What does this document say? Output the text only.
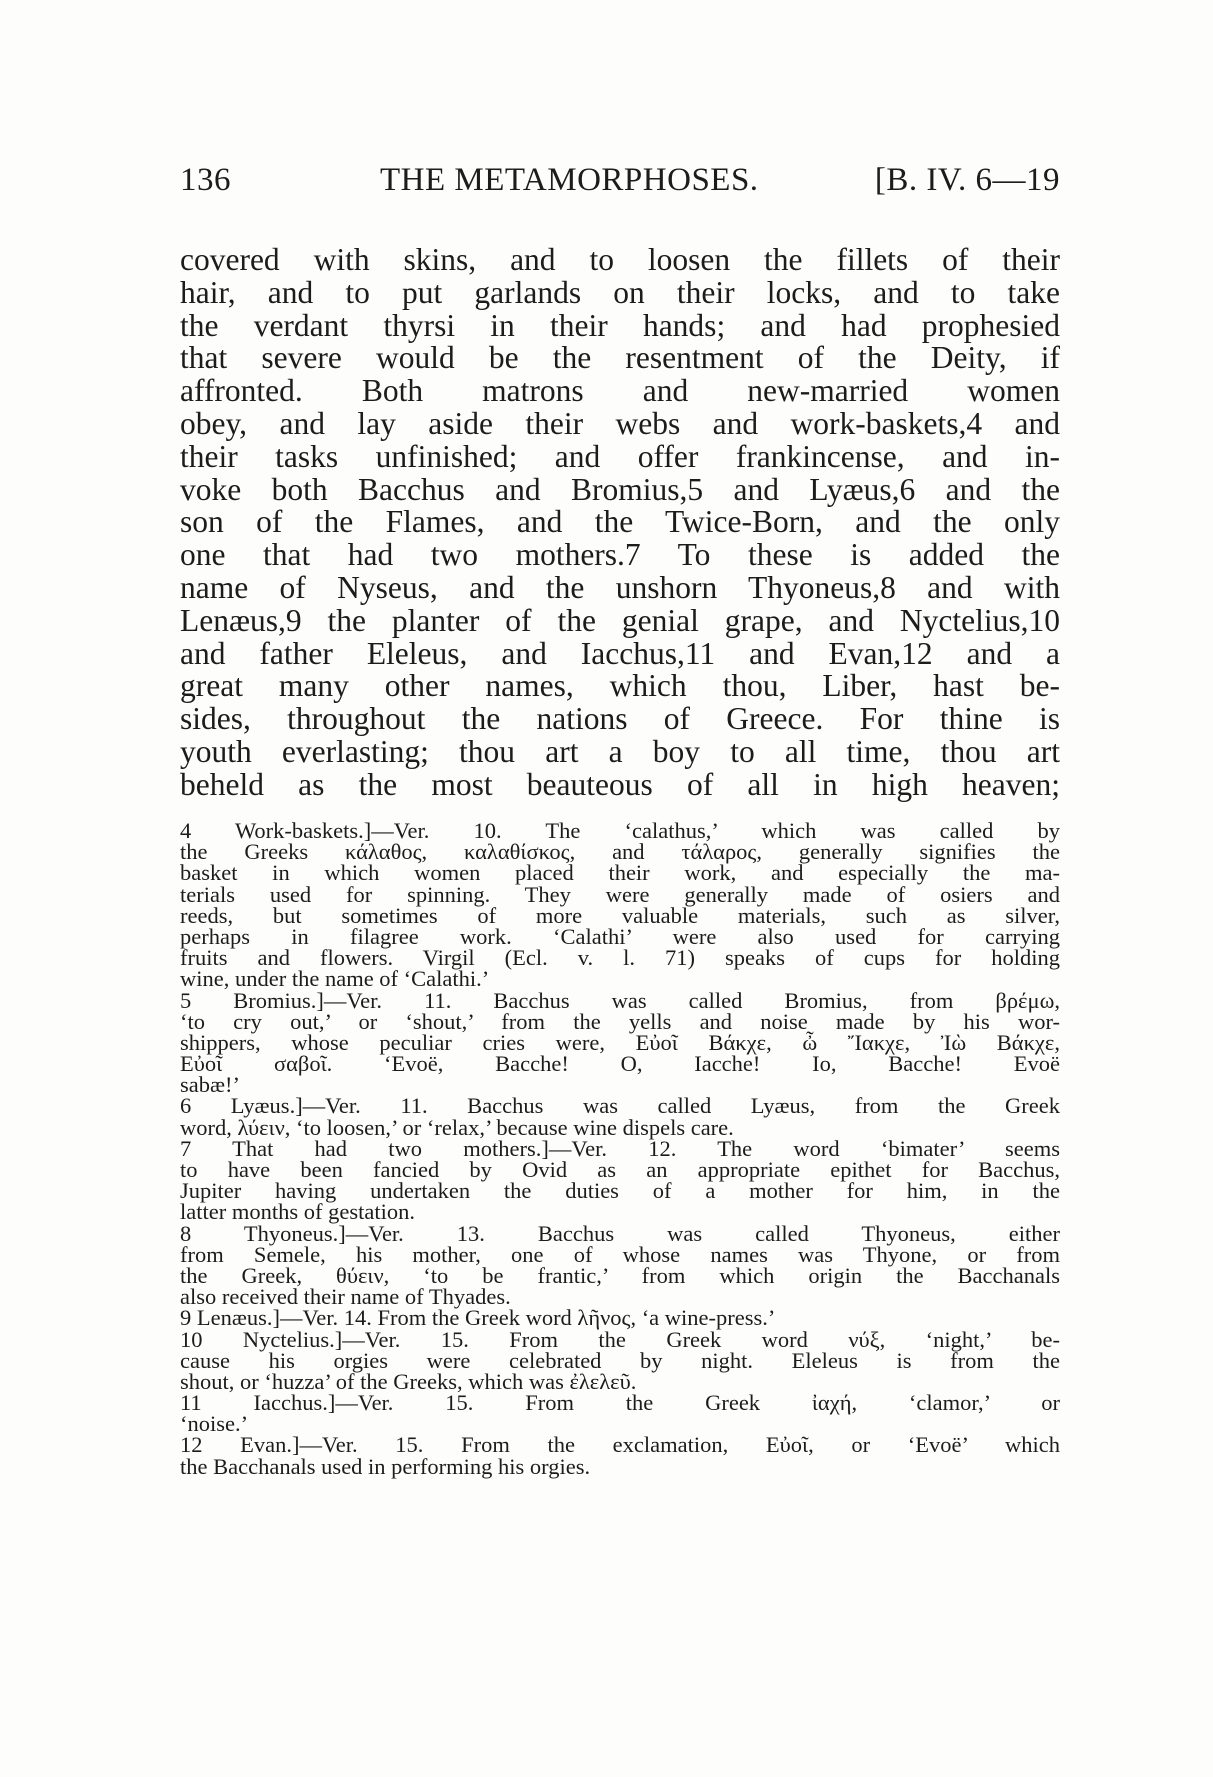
136	THE METAMORPHOSES.	[B. IV. 6—19
covered with skins, and to loosen the fillets of their
hair, and to put garlands on their locks, and to take
the verdant thyrsi in their hands; and had prophesied
that severe would be the resentment of the Deity, if
affronted. Both matrons and new-married women
obey, and lay aside their webs and work-baskets,4 and
their tasks unfinished; and offer frankincense, and in-
voke both Bacchus and Bromius,5 and Lyæus,6 and the
son of the Flames, and the Twice-Born, and the only
one that had two mothers.7 To these is added the
name of Nyseus, and the unshorn Thyoneus,8 and with
Lenæus,9 the planter of the genial grape, and Nyctelius,10
and father Eleleus, and Iacchus,11 and Evan,12 and a
great many other names, which thou, Liber, hast be-
sides, throughout the nations of Greece. For thine is
youth everlasting; thou art a boy to all time, thou art
beheld as the most beauteous of all in high heaven;
4 Work-baskets.]—Ver. 10. The ‘calathus,’ which was called by
the Greeks κάλαθος, καλαθίσκος, and τάλαρος, generally signifies the
basket in which women placed their work, and especially the ma-
terials used for spinning. They were generally made of osiers and
reeds, but sometimes of more valuable materials, such as silver,
perhaps in filagree work. ‘Calathi’ were also used for carrying
fruits and flowers. Virgil (Ecl. v. l. 71) speaks of cups for holding
wine, under the name of ‘Calathi.’
5 Bromius.]—Ver. 11. Bacchus was called Bromius, from βρέμω,
‘to cry out,’ or ‘shout,’ from the yells and noise made by his wor-
shippers, whose peculiar cries were, Εὐοῖ Βάκχε, ὦ Ἴακχε, Ἰὼ Βάκχε,
Εὐοῖ σαβοῖ. ‘Evoë, Bacche! O, Iacche! Io, Bacche! Evoë
sabæ!’
6 Lyæus.]—Ver. 11. Bacchus was called Lyæus, from the Greek
word, λύειν, ‘to loosen,’ or ‘relax,’ because wine dispels care.
7 That had two mothers.]—Ver. 12. The word ‘bimater’ seems
to have been fancied by Ovid as an appropriate epithet for Bacchus,
Jupiter having undertaken the duties of a mother for him, in the
latter months of gestation.
8 Thyoneus.]—Ver. 13. Bacchus was called Thyoneus, either
from Semele, his mother, one of whose names was Thyone, or from
the Greek, θύειν, ‘to be frantic,’ from which origin the Bacchanals
also received their name of Thyades.
9 Lenæus.]—Ver. 14. From the Greek word λῆνος, ‘a wine-press.’
10 Nyctelius.]—Ver. 15. From the Greek word νύξ, ‘night,’ be-
cause his orgies were celebrated by night. Eleleus is from the
shout, or ‘huzza’ of the Greeks, which was ἐλελεῦ.
11 Iacchus.]—Ver. 15. From the Greek ἰαχή, ‘clamor,’ or
‘noise.’
12 Evan.]—Ver. 15. From the exclamation, Εὐοῖ, or ‘Evoë’ which
the Bacchanals used in performing his orgies.
